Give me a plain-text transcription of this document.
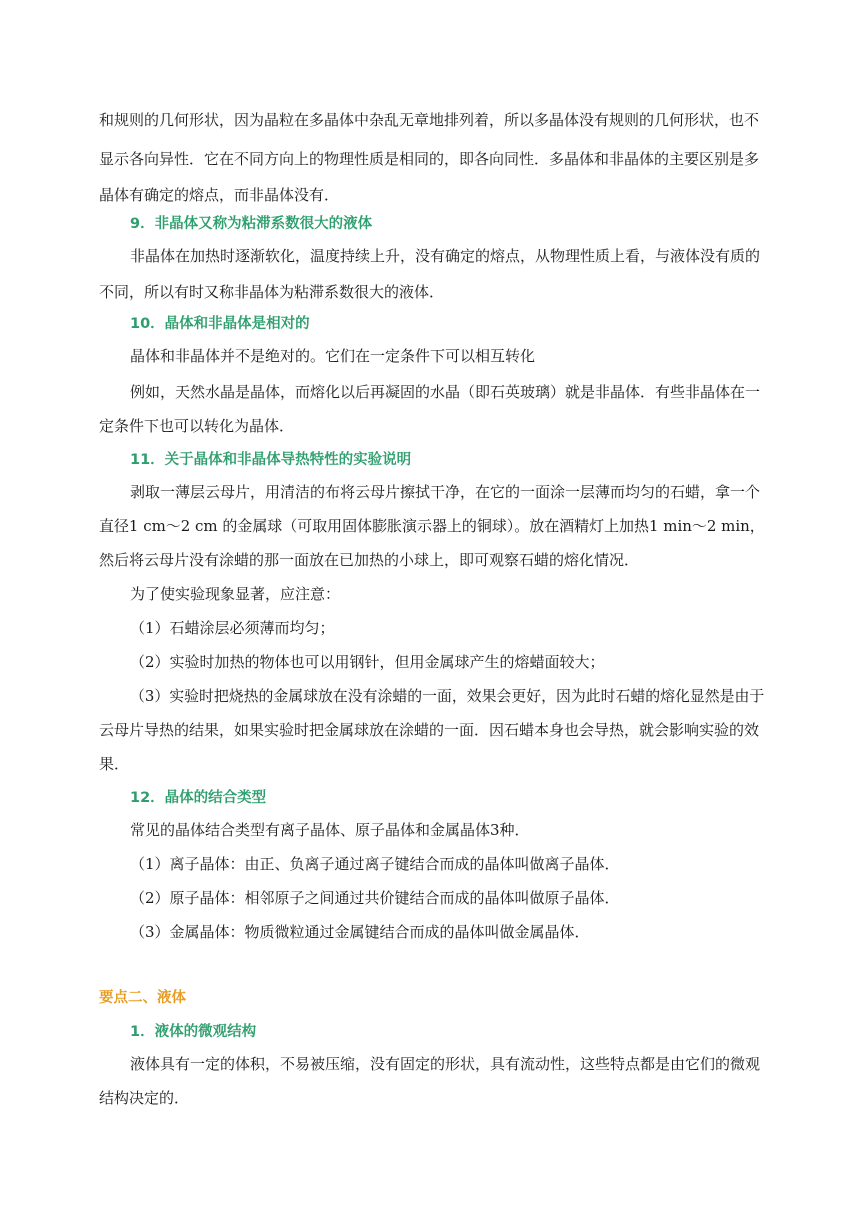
和规则的几何形状，因为晶粒在多晶体中杂乱无章地排列着，所以多晶体没有规则的几何形状，也不
显示各向异性．它在不同方向上的物理性质是相同的，即各向同性．多晶体和非晶体的主要区别是多
晶体有确定的熔点，而非晶体没有．
9．非晶体又称为粘滞系数很大的液体
非晶体在加热时逐渐软化，温度持续上升，没有确定的熔点，从物理性质上看，与液体没有质的
不同，所以有时又称非晶体为粘滞系数很大的液体．
10．晶体和非晶体是相对的
晶体和非晶体并不是绝对的。它们在一定条件下可以相互转化
例如，天然水晶是晶体，而熔化以后再凝固的水晶（即石英玻璃）就是非晶体．有些非晶体在一
定条件下也可以转化为晶体．
11．关于晶体和非晶体导热特性的实验说明
剥取一薄层云母片，用清洁的布将云母片擦拭干净，在它的一面涂一层薄而均匀的石蜡，拿一个
直径1 cm～2 cm 的金属球（可取用固体膨胀演示器上的铜球）。放在酒精灯上加热1 min～2 min，
然后将云母片没有涂蜡的那一面放在已加热的小球上，即可观察石蜡的熔化情况．
为了使实验现象显著，应注意：
（1）石蜡涂层必须薄而均匀；
（2）实验时加热的物体也可以用钢针，但用金属球产生的熔蜡面较大；
（3）实验时把烧热的金属球放在没有涂蜡的一面，效果会更好，因为此时石蜡的熔化显然是由于
云母片导热的结果，如果实验时把金属球放在涂蜡的一面．因石蜡本身也会导热，就会影响实验的效
果．
12．晶体的结合类型
常见的晶体结合类型有离子晶体、原子晶体和金属晶体3种．
（1）离子晶体：由正、负离子通过离子键结合而成的晶体叫做离子晶体．
（2）原子晶体：相邻原子之间通过共价键结合而成的晶体叫做原子晶体．
（3）金属晶体：物质微粒通过金属键结合而成的晶体叫做金属晶体．
要点二、液体
1．液体的微观结构
液体具有一定的体积，不易被压缩，没有固定的形状，具有流动性，这些特点都是由它们的微观
结构决定的．
